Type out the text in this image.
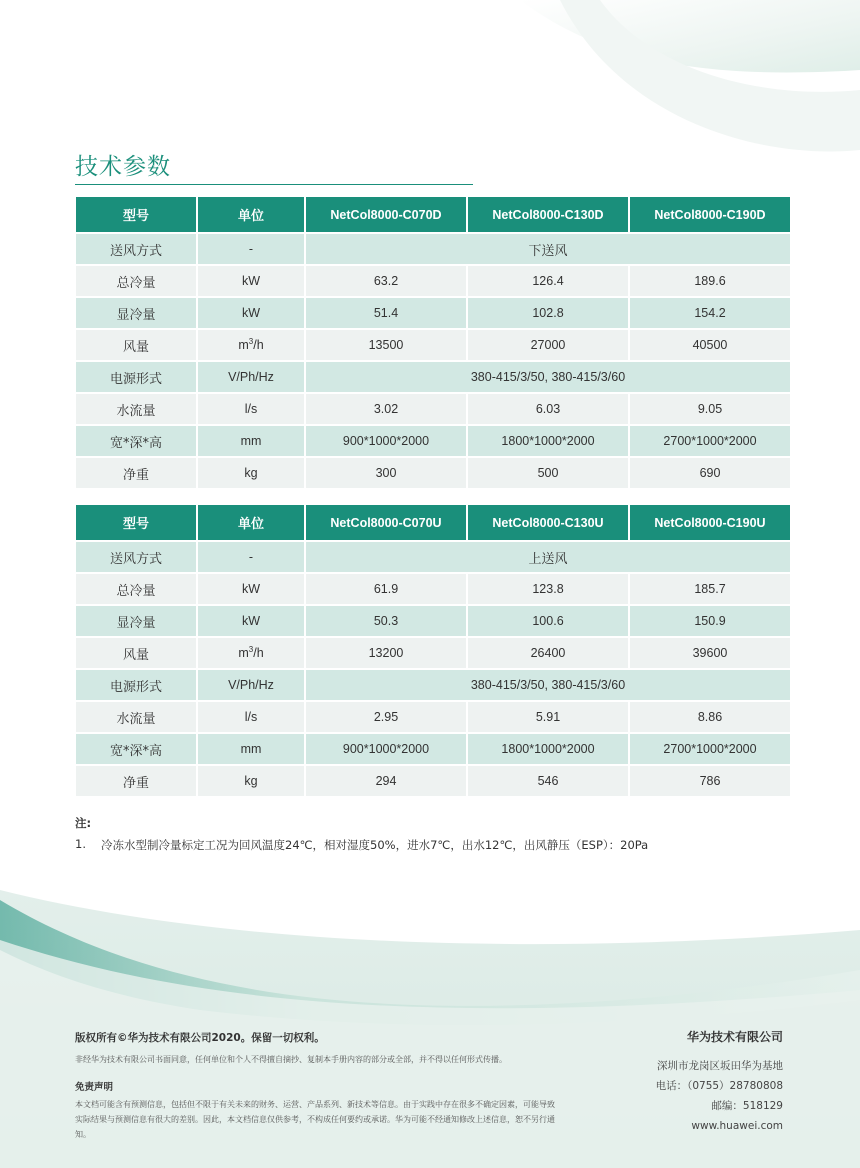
技术参数
型号	单位	NetCol8000-C070D	NetCol8000-C130D	NetCol8000-C190D
送风方式	-	下送风		
总冷量	kW	63.2	126.4	189.6
显冷量	kW	51.4	102.8	154.2
风量	$m^3/h$	13500	27000	40500
电源形式	V/Ph/Hz	380-415/3/50, 380-415/3/60		
水流量	l/s	3.02	6.03	9.05
宽*深*高	mm	900*1000*2000	1800*1000*2000	2700*1000*2000
净重	kg	300	500	690
型号	单位	NetCol8000-C070U	NetCol8000-C130U	NetCol8000-C190U
送风方式	-	上送风		
总冷量	kW	61.9	123.8	185.7
显冷量	kW	50.3	100.6	150.9
风量	$m^3/h$	13200	26400	39600
电源形式	V/Ph/Hz	380-415/3/50, 380-415/3/60		
水流量	l/s	2.95	5.91	8.86
宽*深*高	mm	900*1000*2000	1800*1000*2000	2700*1000*2000
净重	kg	294	546	786
注:
1.	冷冻水型制冷量标定工况为回风温度24℃，相对湿度50%，进水7℃，出水12℃，出风静压（ESP）：20Pa
版权所有©华为技术有限公司2020。保留一切权利。
非经华为技术有限公司书面同意，任何单位和个人不得擅自摘抄、复制本手册内容的部分或全部，并不得以任何形式传播。
免责声明
本文档可能含有预测信息，包括但不限于有关未来的财务、运营、产品系列、新技术等信息。由于实践中存在很多不确定因素，可能导致实际结果与预测信息有很大的差别。因此，本文档信息仅供参考，不构成任何要约或承诺。华为可能不经通知修改上述信息，恕不另行通知。
华为技术有限公司
深圳市龙岗区坂田华为基地
电话：（0755）28780808
邮编：518129
www.huawei.com
